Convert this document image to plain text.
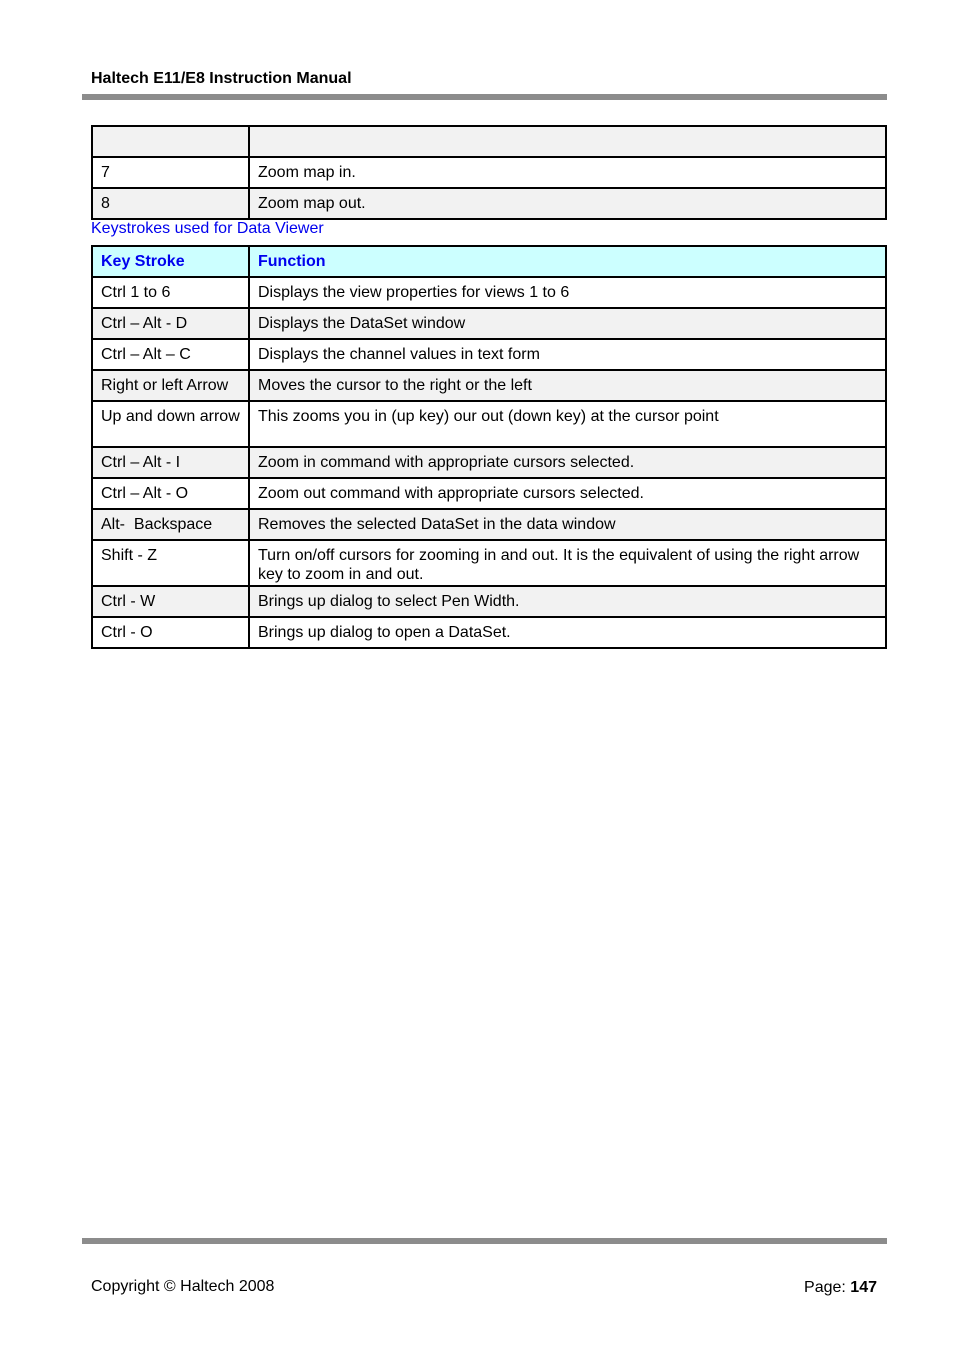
Haltech E11/E8 Instruction Manual

7	Zoom map in.
8	Zoom map out.
Keystrokes used for Data Viewer
Key Stroke	Function
Ctrl 1 to 6	Displays the view properties for views 1 to 6
Ctrl – Alt - D	Displays the DataSet window
Ctrl – Alt – C	Displays the channel values in text form
Right or left Arrow	Moves the cursor to the right or the left
Up and down arrow	This zooms you in (up key) our out (down key) at the cursor point
Ctrl – Alt - I	Zoom in command with appropriate cursors selected.
Ctrl – Alt - O	Zoom out command with appropriate cursors selected.
Alt-  Backspace	Removes the selected DataSet in the data window
Shift - Z	Turn on/off cursors for zooming in and out. It is the equivalent of using the right arrow key to zoom in and out.
Ctrl - W	Brings up dialog to select Pen Width.
Ctrl - O	Brings up dialog to open a DataSet.
Copyright © Haltech 2008	Page: 147
